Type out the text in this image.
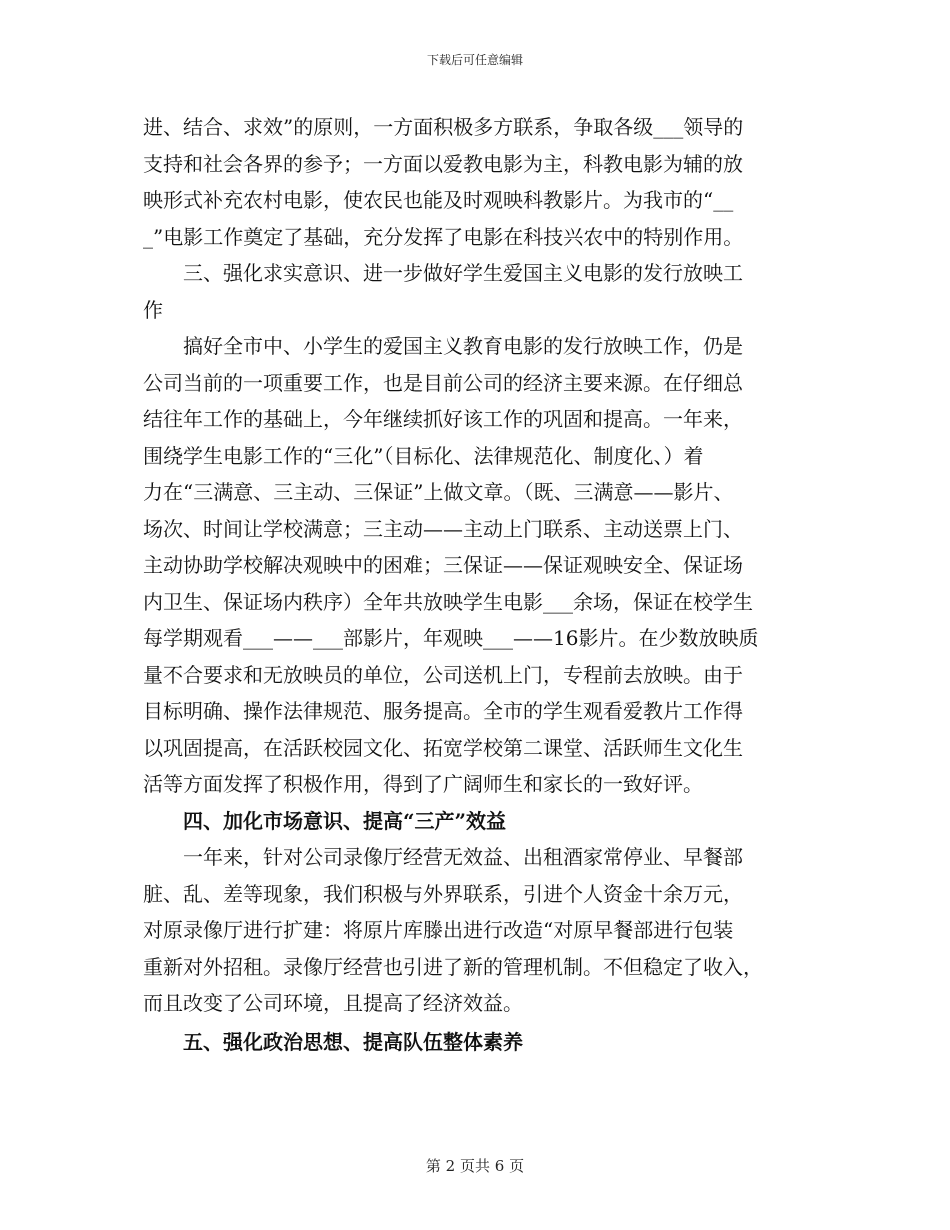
下载后可任意编辑
进、结合、求效”的原则，一方面积极多方联系，争取各级___领导的
支持和社会各界的参予；一方面以爱教电影为主，科教电影为辅的放
映形式补充农村电影，使农民也能及时观映科教影片。为我市的“__
_”电影工作奠定了基础，充分发挥了电影在科技兴农中的特别作用。
三、强化求实意识、进一步做好学生爱国主义电影的发行放映工
作
搞好全市中、小学生的爱国主义教育电影的发行放映工作，仍是
公司当前的一项重要工作，也是目前公司的经济主要来源。在仔细总
结往年工作的基础上，今年继续抓好该工作的巩固和提高。一年来，
围绕学生电影工作的“三化”（目标化、法律规范化、制度化、）着
力在“三满意、三主动、三保证”上做文章。（既、三满意——影片、
场次、时间让学校满意；三主动——主动上门联系、主动送票上门、
主动协助学校解决观映中的困难；三保证——保证观映安全、保证场
内卫生、保证场内秩序）全年共放映学生电影___余场，保证在校学生
每学期观看___——___部影片，年观映___——16影片。在少数放映质
量不合要求和无放映员的单位，公司送机上门，专程前去放映。由于
目标明确、操作法律规范、服务提高。全市的学生观看爱教片工作得
以巩固提高，在活跃校园文化、拓宽学校第二课堂、活跃师生文化生
活等方面发挥了积极作用，得到了广阔师生和家长的一致好评。
四、加化市场意识、提高“三产”效益
一年来，针对公司录像厅经营无效益、出租酒家常停业、早餐部
脏、乱、差等现象，我们积极与外界联系，引进个人资金十余万元，
对原录像厅进行扩建：将原片库滕出进行改造“对原早餐部进行包装
重新对外招租。录像厅经营也引进了新的管理机制。不但稳定了收入，
而且改变了公司环境，且提高了经济效益。
五、强化政治思想、提高队伍整体素养
第 2 页共 6 页
